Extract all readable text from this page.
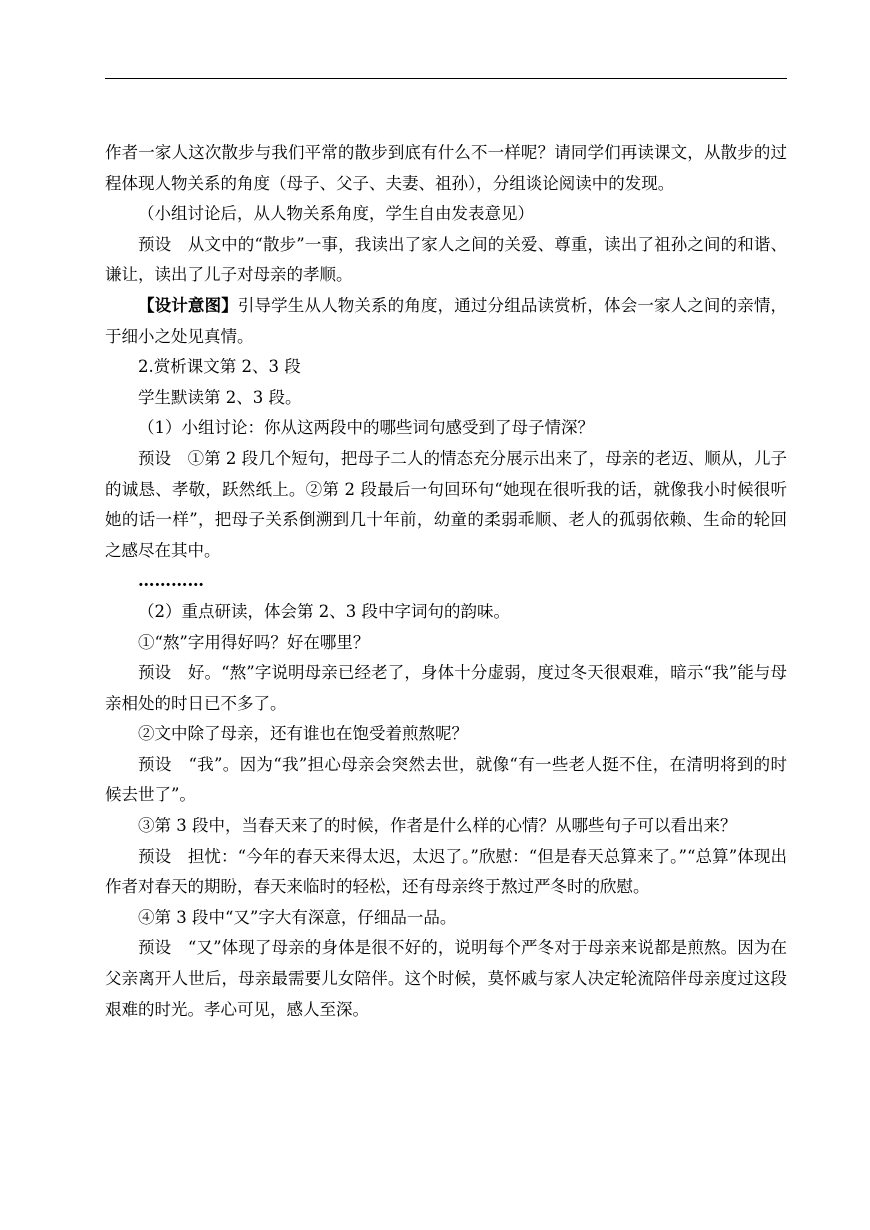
作者一家人这次散步与我们平常的散步到底有什么不一样呢？请同学们再读课文，从散步的过程体现人物关系的角度（母子、父子、夫妻、祖孙），分组谈论阅读中的发现。

（小组讨论后，从人物关系角度，学生自由发表意见）

预设　从文中的“散步”一事，我读出了家人之间的关爱、尊重，读出了祖孙之间的和谐、谦让，读出了儿子对母亲的孝顺。

【设计意图】引导学生从人物关系的角度，通过分组品读赏析，体会一家人之间的亲情，于细小之处见真情。

2.赏析课文第 2、3 段

学生默读第 2、3 段。

（1）小组讨论：你从这两段中的哪些词句感受到了母子情深？

预设　①第 2 段几个短句，把母子二人的情态充分展示出来了，母亲的老迈、顺从，儿子的诚恳、孝敬，跃然纸上。②第 2 段最后一句回环句“她现在很听我的话，就像我小时候很听她的话一样”，把母子关系倒溯到几十年前，幼童的柔弱乖顺、老人的孤弱依赖、生命的轮回之感尽在其中。

…………

（2）重点研读，体会第 2、3 段中字词句的韵味。

①“熬”字用得好吗？好在哪里？

预设　好。“熬”字说明母亲已经老了，身体十分虚弱，度过冬天很艰难，暗示“我”能与母亲相处的时日已不多了。

②文中除了母亲，还有谁也在饱受着煎熬呢？

预设　“我”。因为“我”担心母亲会突然去世，就像“有一些老人挺不住，在清明将到的时候去世了”。

③第 3 段中，当春天来了的时候，作者是什么样的心情？从哪些句子可以看出来？

预设　担忧：“今年的春天来得太迟，太迟了。”欣慰：“但是春天总算来了。”“总算”体现出作者对春天的期盼，春天来临时的轻松，还有母亲终于熬过严冬时的欣慰。

④第 3 段中“又”字大有深意，仔细品一品。

预设　“又”体现了母亲的身体是很不好的，说明每个严冬对于母亲来说都是煎熬。因为在父亲离开人世后，母亲最需要儿女陪伴。这个时候，莫怀戚与家人决定轮流陪伴母亲度过这段艰难的时光。孝心可见，感人至深。
